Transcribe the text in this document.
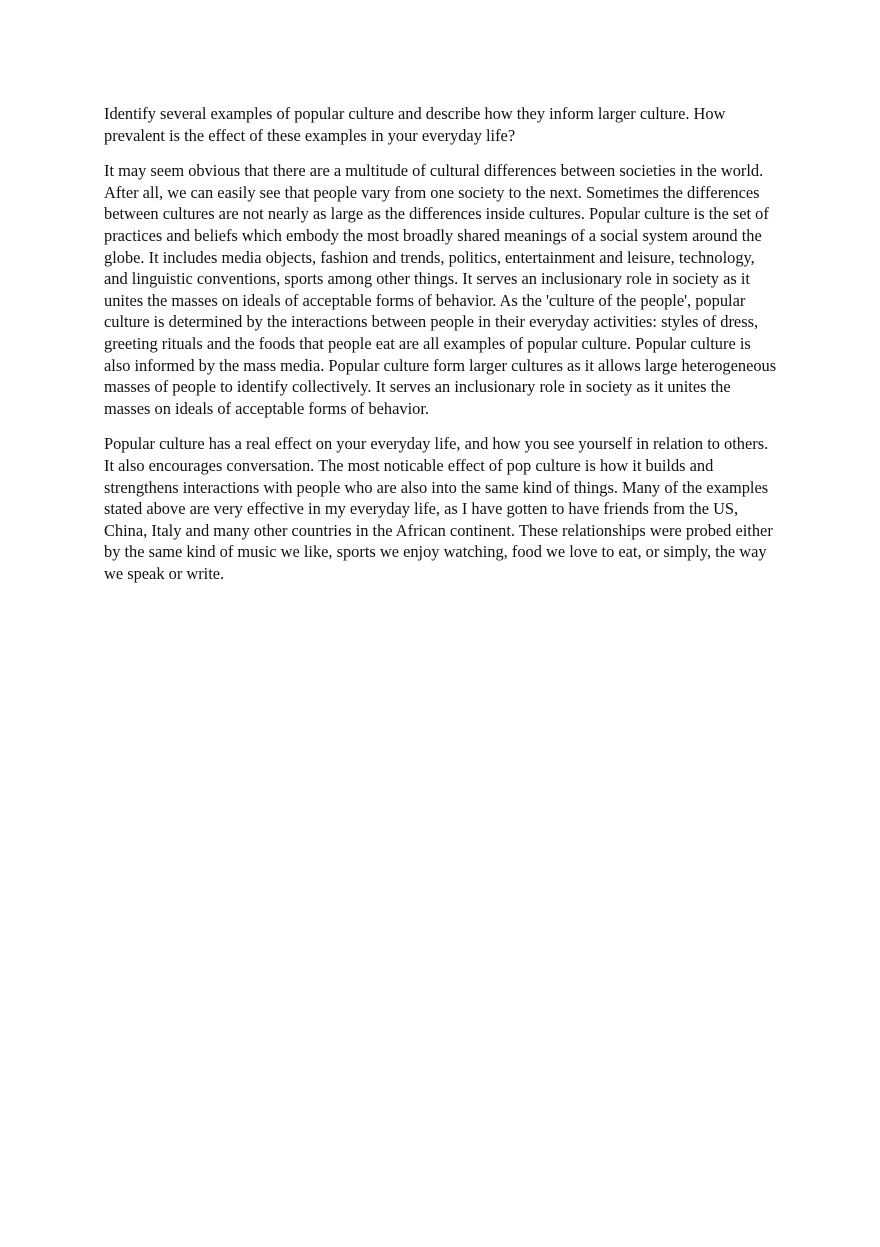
Identify several examples of popular culture and describe how they inform larger culture. How prevalent is the effect of these examples in your everyday life?

It may seem obvious that there are a multitude of cultural differences between societies in the world. After all, we can easily see that people vary from one society to the next. Sometimes the differences between cultures are not nearly as large as the differences inside cultures. Popular culture is the set of practices and beliefs which embody the most broadly shared meanings of a social system around the globe. It includes media objects, fashion and trends, politics, entertainment and leisure, technology, and linguistic conventions, sports among other things. It serves an inclusionary role in society as it unites the masses on ideals of acceptable forms of behavior. As the 'culture of the people', popular culture is determined by the interactions between people in their everyday activities: styles of dress, greeting rituals and the foods that people eat are all examples of popular culture. Popular culture is also informed by the mass media. Popular culture form larger cultures as it allows large heterogeneous masses of people to identify collectively. It serves an inclusionary role in society as it unites the masses on ideals of acceptable forms of behavior.

Popular culture has a real effect on your everyday life, and how you see yourself in relation to others. It also encourages conversation. The most noticable effect of pop culture is how it builds and strengthens interactions with people who are also into the same kind of things. Many of the examples stated above are very effective in my everyday life, as I have gotten to have friends from the US, China, Italy and many other countries in the African continent. These relationships were probed either by the same kind of music we like, sports we enjoy watching, food we love to eat, or simply, the way we speak or write.
